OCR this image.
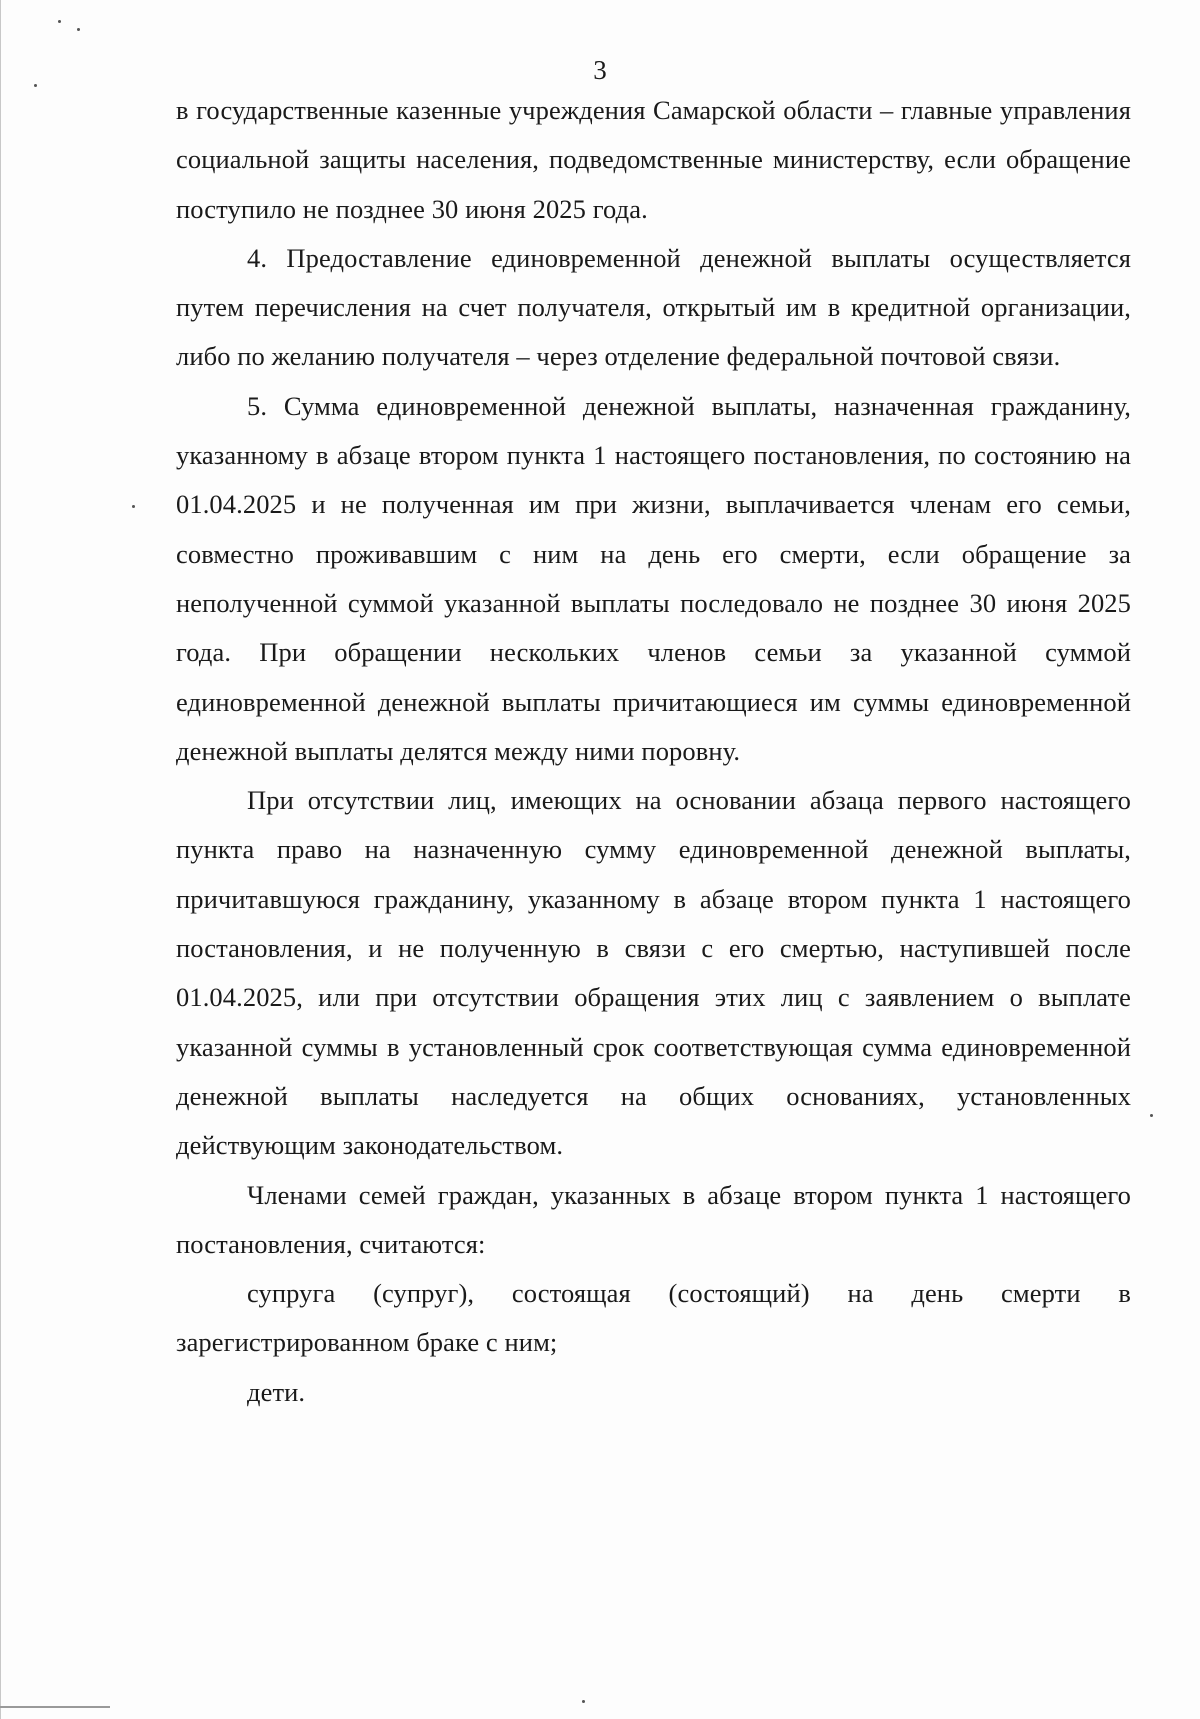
3

в государственные казенные учреждения Самарской области – главные управления социальной защиты населения, подведомственные министерству, если обращение поступило не позднее 30 июня 2025 года.

4. Предоставление единовременной денежной выплаты осуществляется путем перечисления на счет получателя, открытый им в кредитной организации, либо по желанию получателя – через отделение федеральной почтовой связи.

5. Сумма единовременной денежной выплаты, назначенная гражданину, указанному в абзаце втором пункта 1 настоящего постановления, по состоянию на 01.04.2025 и не полученная им при жизни, выплачивается членам его семьи, совместно проживавшим с ним на день его смерти, если обращение за неполученной суммой указанной выплаты последовало не позднее 30 июня 2025 года. При обращении нескольких членов семьи за указанной суммой единовременной денежной выплаты причитающиеся им суммы единовременной денежной выплаты делятся между ними поровну.

При отсутствии лиц, имеющих на основании абзаца первого настоящего пункта право на назначенную сумму единовременной денежной выплаты, причитавшуюся гражданину, указанному в абзаце втором пункта 1 настоящего постановления, и не полученную в связи с его смертью, наступившей после 01.04.2025, или при отсутствии обращения этих лиц с заявлением о выплате указанной суммы в установленный срок соответствующая сумма единовременной денежной выплаты наследуется на общих основаниях, установленных действующим законодательством.

Членами семей граждан, указанных в абзаце втором пункта 1 настоящего постановления, считаются:

супруга (супруг), состоящая (состоящий) на день смерти в зарегистрированном браке с ним;

дети.
